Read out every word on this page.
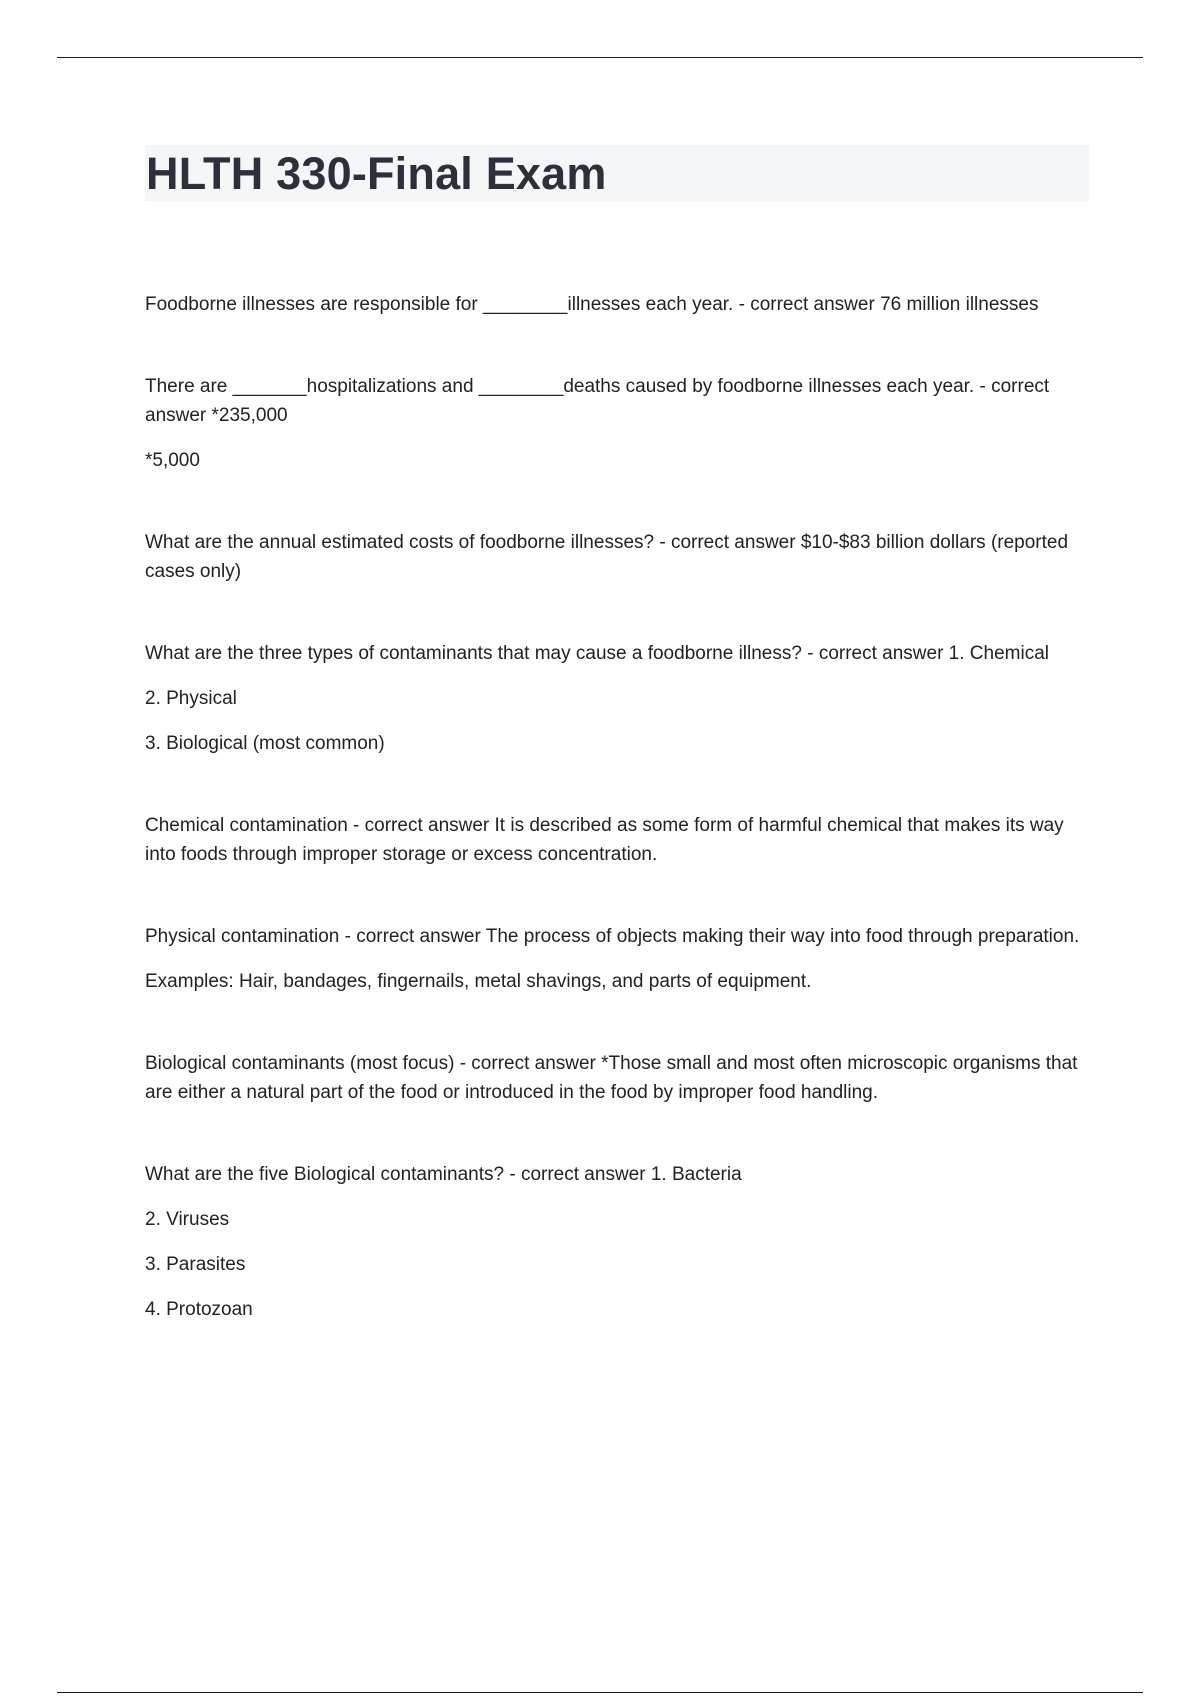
HLTH 330-Final Exam

Foodborne illnesses are responsible for ________illnesses each year. - correct answer 76 million illnesses

There are _______hospitalizations and ________deaths caused by foodborne illnesses each year. - correct answer *235,000

*5,000

What are the annual estimated costs of foodborne illnesses? - correct answer $10-$83 billion dollars (reported cases only)

What are the three types of contaminants that may cause a foodborne illness? - correct answer 1. Chemical

2. Physical

3. Biological (most common)

Chemical contamination - correct answer It is described as some form of harmful chemical that makes its way into foods through improper storage or excess concentration.

Physical contamination - correct answer The process of objects making their way into food through preparation.

Examples: Hair, bandages, fingernails, metal shavings, and parts of equipment.

Biological contaminants (most focus) - correct answer *Those small and most often microscopic organisms that are either a natural part of the food or introduced in the food by improper food handling.

What are the five Biological contaminants? - correct answer 1. Bacteria

2. Viruses

3. Parasites

4. Protozoan
